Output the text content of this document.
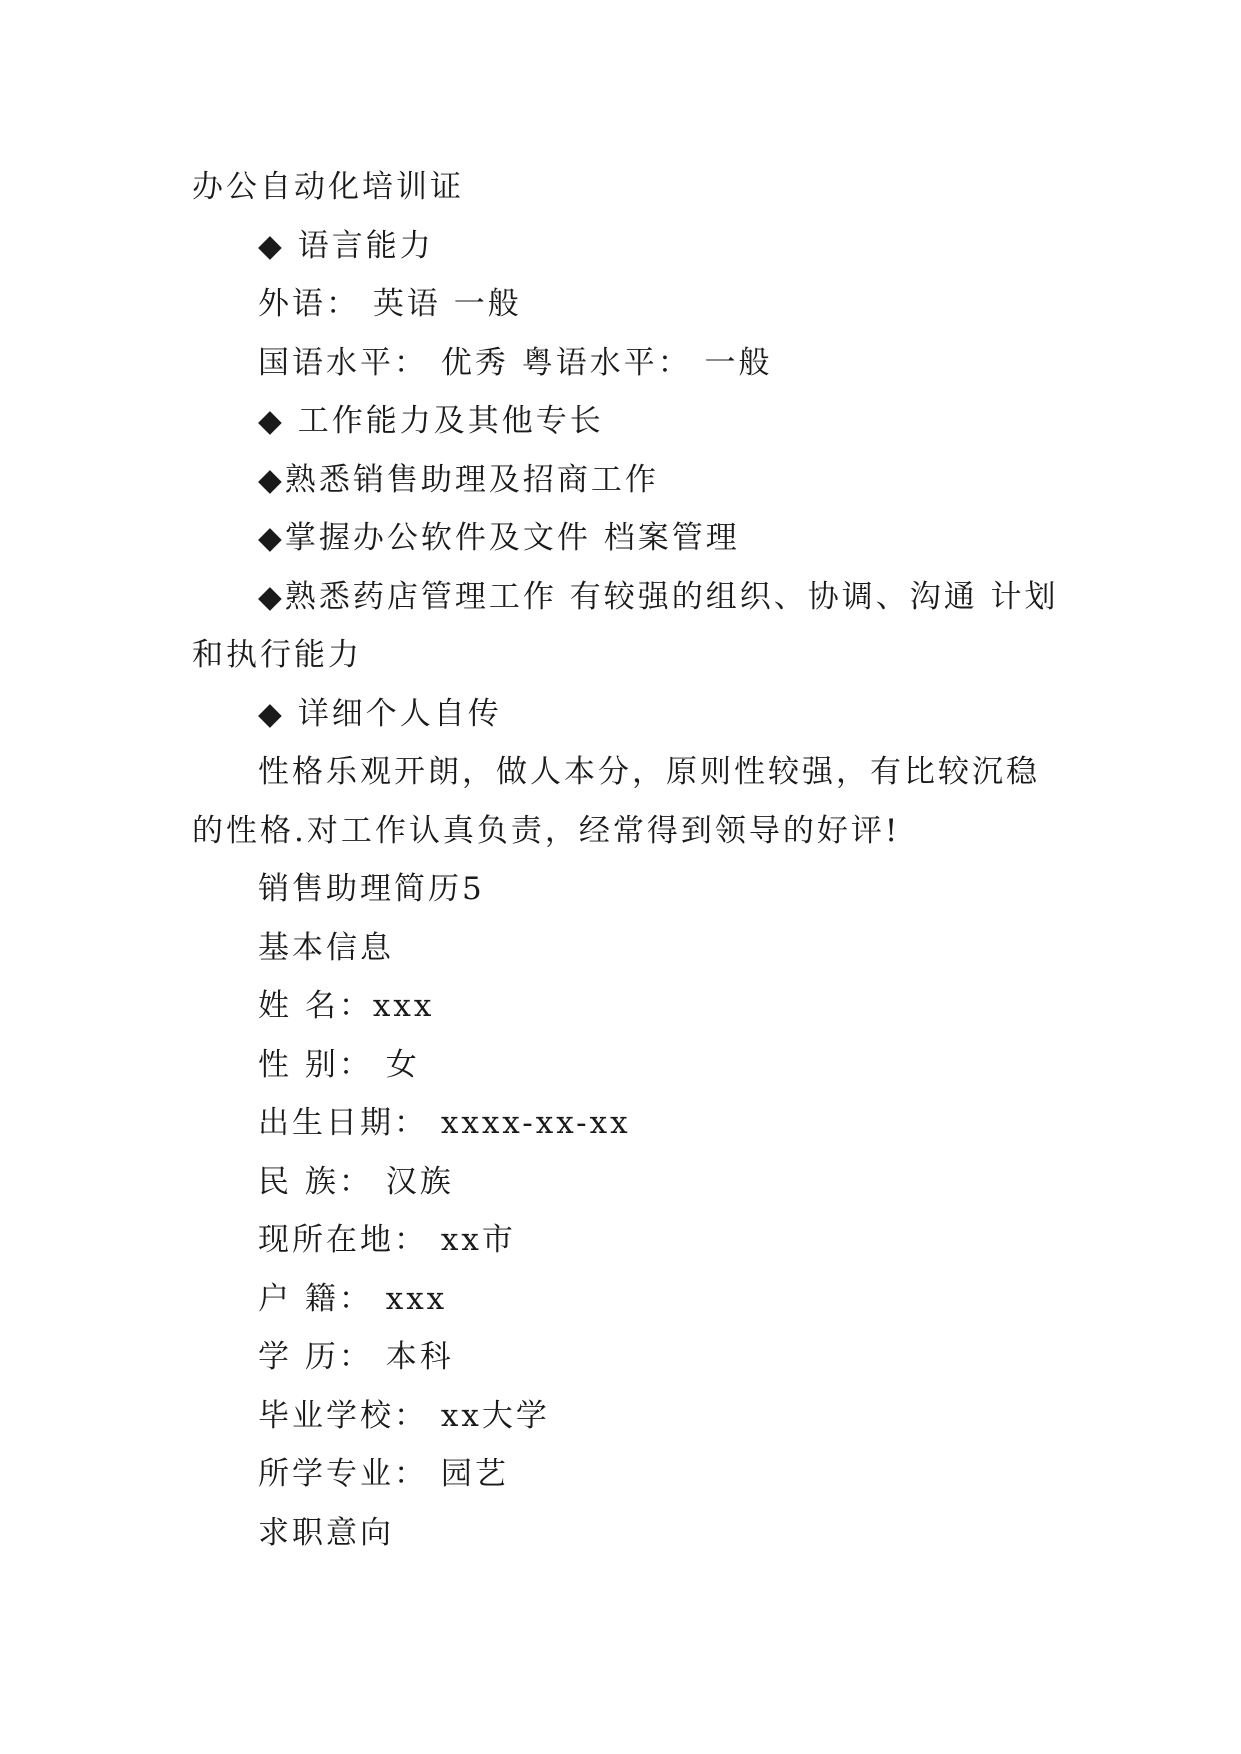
办公自动化培训证

◆ 语言能力

外语： 英语 一般

国语水平： 优秀 粤语水平： 一般

◆ 工作能力及其他专长

◆熟悉销售助理及招商工作

◆掌握办公软件及文件 档案管理

◆熟悉药店管理工作 有较强的组织、协调、沟通 计划和执行能力

◆ 详细个人自传

性格乐观开朗，做人本分，原则性较强，有比较沉稳的性格.对工作认真负责，经常得到领导的好评!

销售助理简历5

基本信息

姓 名：xxx

性 别： 女

出生日期： xxxx-xx-xx

民 族： 汉族

现所在地： xx市

户 籍： xxx

学 历： 本科

毕业学校： xx大学

所学专业： 园艺

求职意向
